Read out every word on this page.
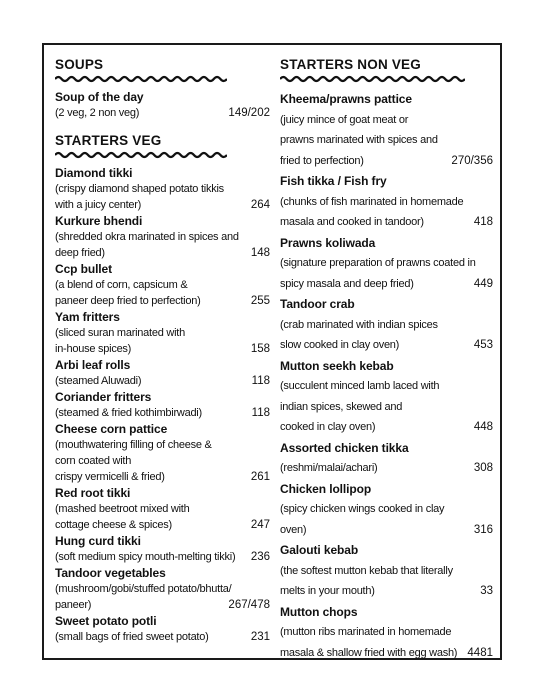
SOUPS
Soup of the day
(2 veg, 2 non veg)	149/202
STARTERS VEG
Diamond tikki
(crispy diamond shaped potato tikkis
with a juicy center)	264
Kurkure bhendi
(shredded okra marinated in spices and
deep fried)	148
Ccp bullet
(a blend of corn, capsicum &
paneer deep fried to perfection)	255
Yam fritters
(sliced suran marinated with
in-house spices)	158
Arbi leaf rolls
(steamed Aluwadi)	118
Coriander fritters
(steamed & fried kothimbirwadi)	118
Cheese corn pattice
(mouthwatering filling of cheese &
corn coated with
crispy vermicelli & fried)	261
Red root tikki
(mashed beetroot mixed with
cottage cheese & spices)	247
Hung curd tikki
(soft medium spicy mouth-melting tikki)	236
Tandoor vegetables
(mushroom/gobi/stuffed potato/bhutta/
paneer)	267/478
Sweet potato potli
(small bags of fried sweet potato)	231
STARTERS NON VEG
Kheema/prawns pattice
(juicy mince of goat meat or
prawns marinated with spices and
fried to perfection)	270/356
Fish tikka / Fish fry
(chunks of fish marinated in homemade
masala and cooked in tandoor)	418
Prawns koliwada
(signature preparation of prawns coated in
spicy masala and deep fried)	449
Tandoor crab
(crab marinated with indian spices
slow cooked in clay oven)	453
Mutton seekh kebab
(succulent minced lamb laced with
indian spices, skewed and
cooked in clay oven)	448
Assorted chicken tikka
(reshmi/malai/achari)	308
Chicken lollipop
(spicy chicken wings cooked in clay oven)	316
Galouti kebab
(the softest mutton kebab that literally
melts in your mouth)	33
Mutton chops
(mutton ribs marinated in homemade
masala & shallow fried with egg wash) 4481
